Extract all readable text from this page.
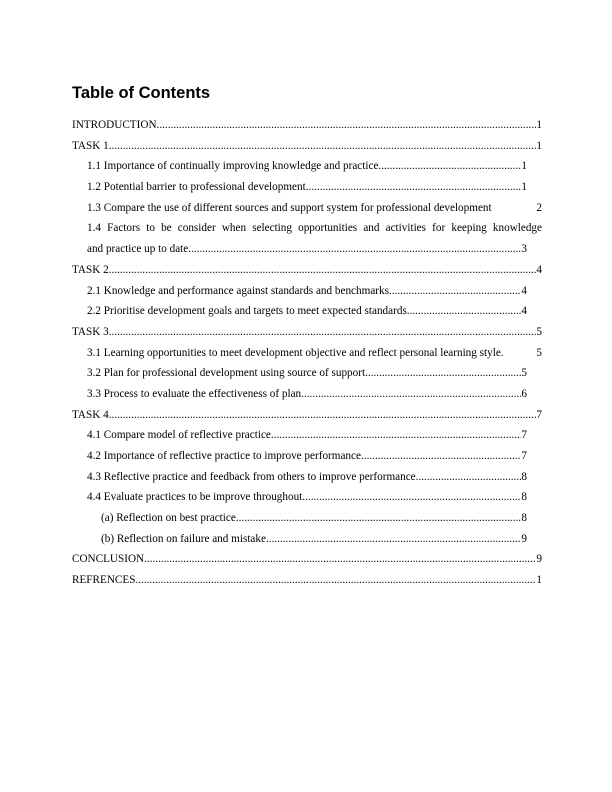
Table of Contents
INTRODUCTION .....	1
TASK 1 .....	1
1.1 Importance of continually improving knowledge and practice .....	1
1.2 Potential barrier to professional development .....	1
1.3 Compare the use of different sources and support system for professional development	2
1.4 Factors to be consider when selecting opportunities and activities for keeping knowledge
and practice up to date .....	3
TASK 2 .....	4
2.1 Knowledge and performance against standards and benchmarks .....	4
2.2 Prioritise development goals and targets to meet expected standards .....	4
TASK 3 .....	5
3.1 Learning opportunities to meet development objective and reflect personal learning style.	5
3.2 Plan for professional development using source of support .....	5
3.3 Process to evaluate the effectiveness of plan .....	6
TASK 4 .....	7
4.1 Compare model of reflective practice .....	7
4.2 Importance of reflective practice to improve performance .....	7
4.3 Reflective practice and feedback from others to improve performance .....	8
4.4 Evaluate practices to be improve throughout .....	8
(a) Reflection on best practice .....	8
(b) Reflection on failure and mistake .....	9
CONCLUSION .....	9
REFRENCES .....	1
